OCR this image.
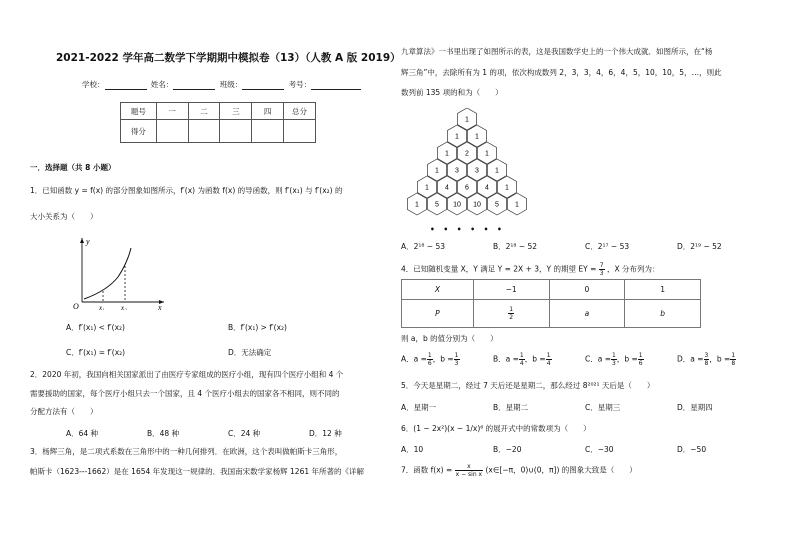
2021-2022 学年高二数学下学期期中模拟卷（13）（人教 A 版 2019）
学校：	姓名：	班级：	考号：
题号	一	二	三	四	总分
得分					
一．选择题（共 8 小题）
1．已知函数 y = f(x) 的部分图象如图所示，f′(x) 为函数 f(x) 的导函数，则 f′(x₁) 与 f′(x₂) 的
大小关系为（　　）
y
x
O	x₁ x₂
A．f′(x₁) < f′(x₂)	B．f′(x₁) > f′(x₂)
C．f′(x₁) = f′(x₂)	D．无法确定
2．2020 年初，我国向相关国家派出了由医疗专家组成的医疗小组，现有四个医疗小组和 4 个
需要援助的国家，每个医疗小组只去一个国家，且 4 个医疗小组去的国家各不相同，则不同的
分配方法有（　　）
A．64 种	B．48 种	C．24 种	D．12 种
3．杨辉三角，是二项式系数在三角形中的一种几何排列．在欧洲，这个表叫做帕斯卡三角形，
帕斯卡（1623---1662）是在 1654 年发现这一规律的．我国南宋数学家杨辉 1261 年所著的《详解
九章算法》一书里出现了如图所示的表，这是我国数学史上的一个伟大成就．如图所示，在“杨
辉三角”中，去除所有为 1 的项，依次构成数列 2，3，3，4，6，4，5，10，10，5，…，则此
数列前 135 项的和为（　　）
1
1 1
1 2 1
1 3 3 1
1 4 6 4 1
1 5 10 10 5 1
• • • • • •
A．2¹⁸ − 53	B．2¹⁸ − 52	C．2¹⁷ − 53	D．2¹⁹ − 52
4．已知随机变量 X，Y 满足 Y = 2X + 3，Y 的期望 EY = $\frac{7}{3}$ ，X 分布列为：
X	−1	0	1
P	$\frac{1}{2}$	a	b
则 a，b 的值分别为（　　）
A．$a = \frac{1}{6}$ ，$b = \frac{1}{3}$	B．$a = \frac{1}{4}$ ，$b = \frac{1}{4}$	C．$a = \frac{1}{3}$ ，$b = \frac{1}{6}$	D．$a = \frac{3}{8}$ ，$b = \frac{1}{8}$
5．今天是星期二，经过 7 天后还是星期二，那么经过 8²⁰²¹ 天后是（　　）
A．星期一	B．星期二	C．星期三	D．星期四
6．(1 − 2x²)(x − 1/x)⁶ 的展开式中的常数项为（　　）
A．10	B．−20	C．−30	D．−50
7．函数 $f(x) = \frac{x}{\text{x − sin x}}$ (x∈[−π，0)∪(0，π]) 的图象大致是（　　）
